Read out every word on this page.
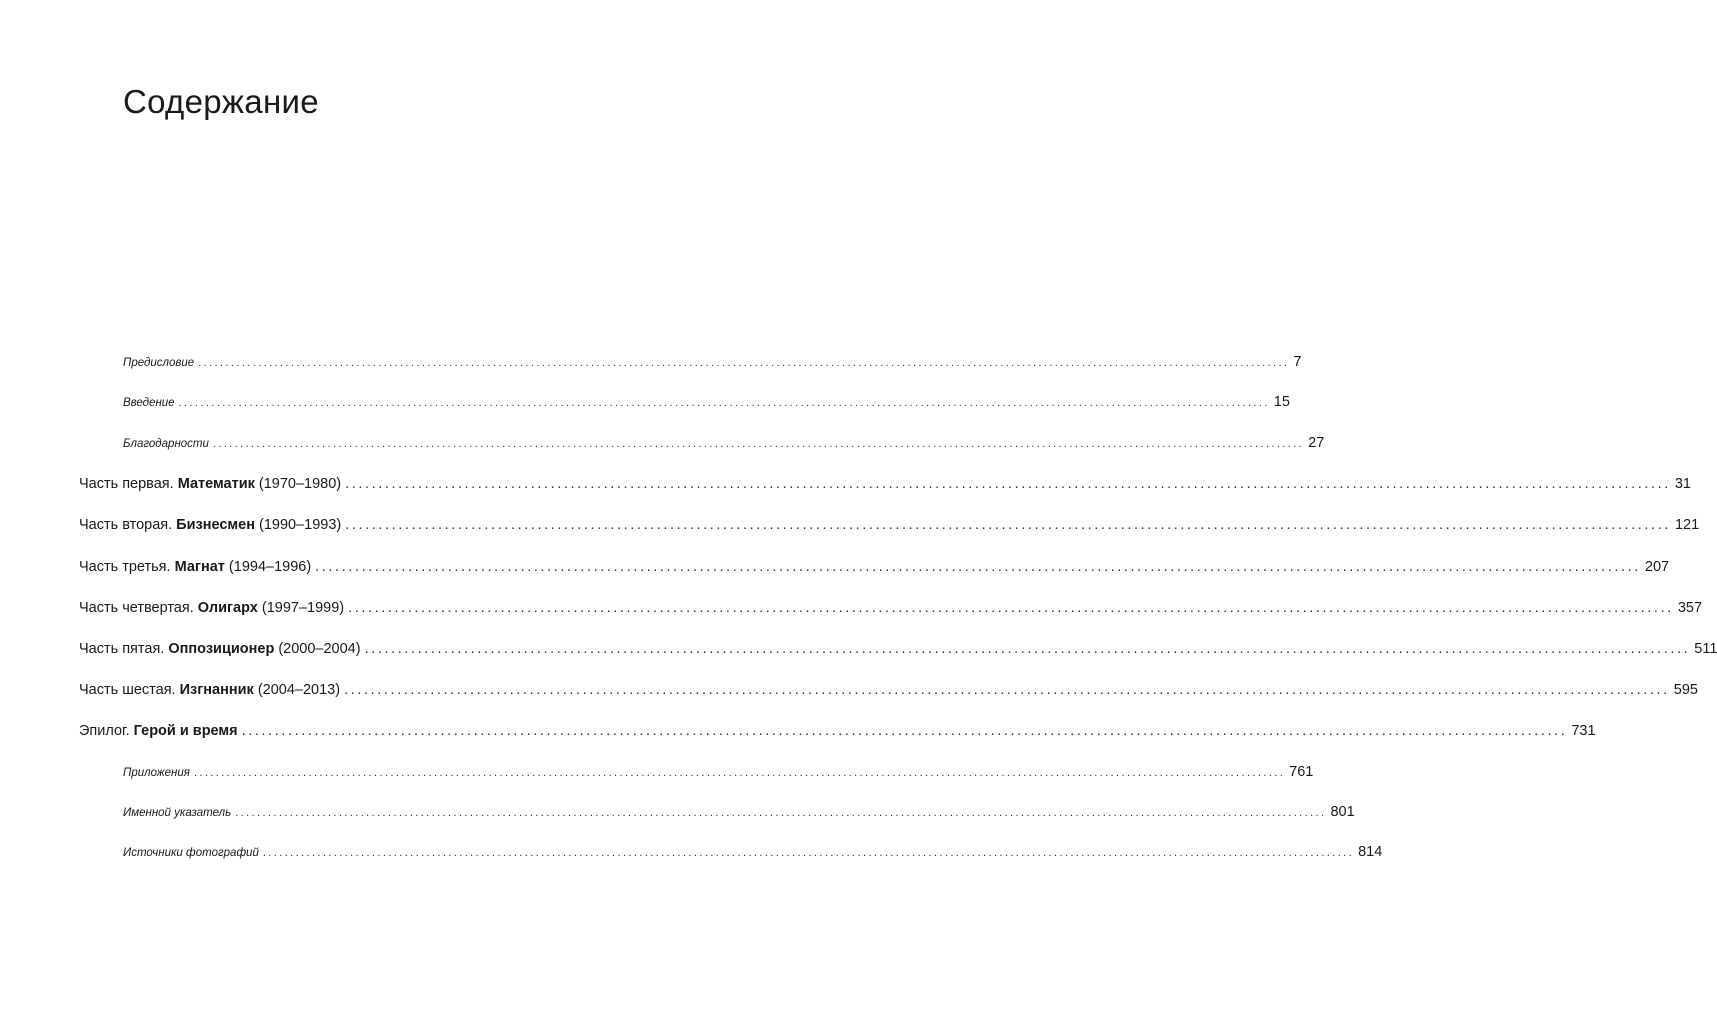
Содержание
Предисловие ........................................................................................................................................................................................................ 7
Введение ........................................................................................................................................................................................................ 15
Благодарности ........................................................................................................................................................................................................ 27
Часть первая. Математик (1970–1980) ........................................................................................................................................................................................................ 31
Часть вторая. Бизнесмен (1990–1993) ........................................................................................................................................................................................................ 121
Часть третья. Магнат (1994–1996) ........................................................................................................................................................................................................ 207
Часть четвертая. Олигарх (1997–1999) ........................................................................................................................................................................................................ 357
Часть пятая. Оппозиционер (2000–2004) ........................................................................................................................................................................................................ 511
Часть шестая. Изгнанник (2004–2013) ........................................................................................................................................................................................................ 595
Эпилог. Герой и время ........................................................................................................................................................................................................ 731
Приложения ........................................................................................................................................................................................................ 761
Именной указатель ........................................................................................................................................................................................................ 801
Источники фотографий ........................................................................................................................................................................................................ 814
